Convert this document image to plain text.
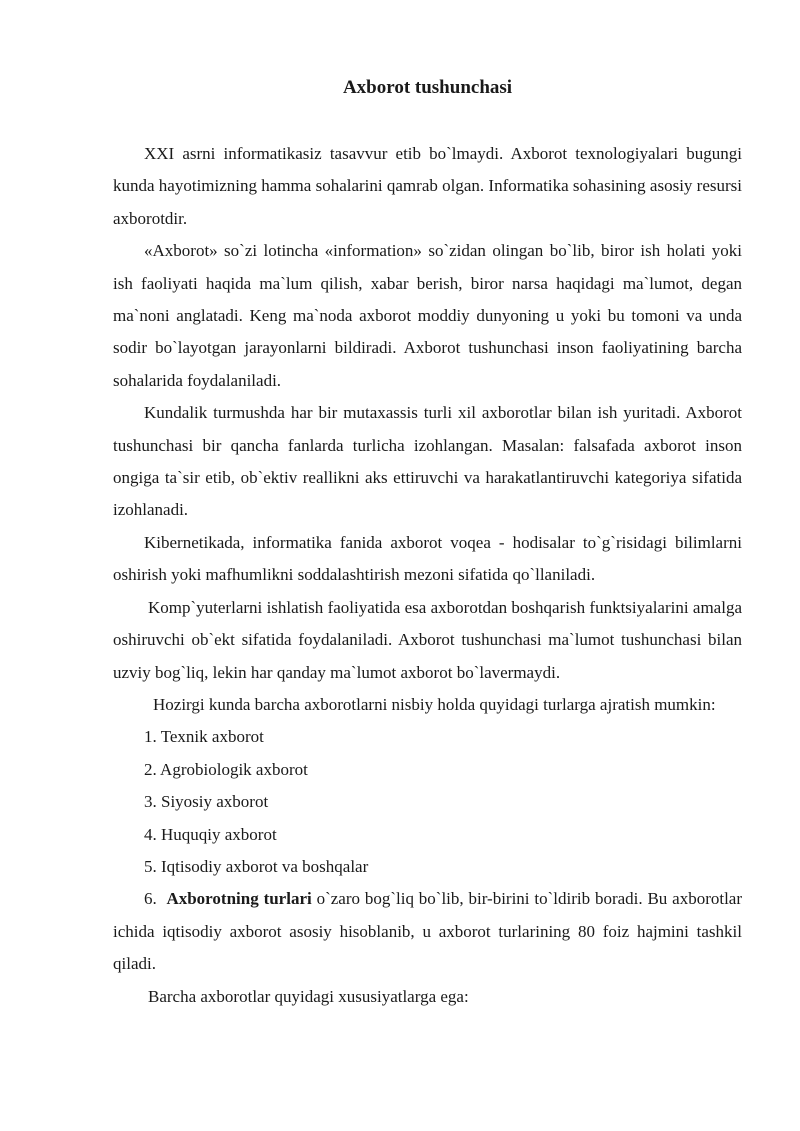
Axborot tushunchasi

XXI asrni informatikasiz tasavvur etib bo`lmaydi. Axborot texnologiyalari bugungi kunda hayotimizning hamma sohalarini qamrab olgan. Informatika sohasining asosiy resursi axborotdir.

«Axborot» so`zi lotincha «information» so`zidan olingan bo`lib, biror ish holati yoki ish faoliyati haqida ma`lum qilish, xabar berish, biror narsa haqidagi ma`lumot, degan ma`noni anglatadi. Keng ma`noda axborot moddiy dunyoning u yoki bu tomoni va unda sodir bo`layotgan jarayonlarni bildiradi. Axborot tushunchasi inson faoliyatining barcha sohalarida foydalaniladi.

Kundalik turmushda har bir mutaxassis turli xil axborotlar bilan ish yuritadi. Axborot tushunchasi bir qancha fanlarda turlicha izohlangan. Masalan: falsafada axborot inson ongiga ta`sir etib, ob`ektiv reallikni aks ettiruvchi va harakatlantiruvchi kategoriya sifatida izohlanadi.

Kibernetikada, informatika fanida axborot voqea - hodisalar to`g`risidagi bilimlarni oshirish yoki mafhumlikni soddalashtirish mezoni sifatida qo`llaniladi.

Komp`yuterlarni ishlatish faoliyatida esa axborotdan boshqarish funktsiyalarini amalga oshiruvchi ob`ekt sifatida foydalaniladi. Axborot tushunchasi ma`lumot tushunchasi bilan uzviy bog`liq, lekin har qanday ma`lumot axborot bo`lavermaydi.

Hozirgi kunda barcha axborotlarni nisbiy holda quyidagi turlarga ajratish mumkin:

1. Texnik axborot

2. Agrobiologik axborot

3. Siyosiy axborot

4. Huquqiy axborot

5. Iqtisodiy axborot va boshqalar

6. Axborotning turlari o`zaro bog`liq bo`lib, bir-birini to`ldirib boradi. Bu axborotlar ichida iqtisodiy axborot asosiy hisoblanib, u axborot turlarining 80 foiz hajmini tashkil qiladi.

Barcha axborotlar quyidagi xususiyatlarga ega:
